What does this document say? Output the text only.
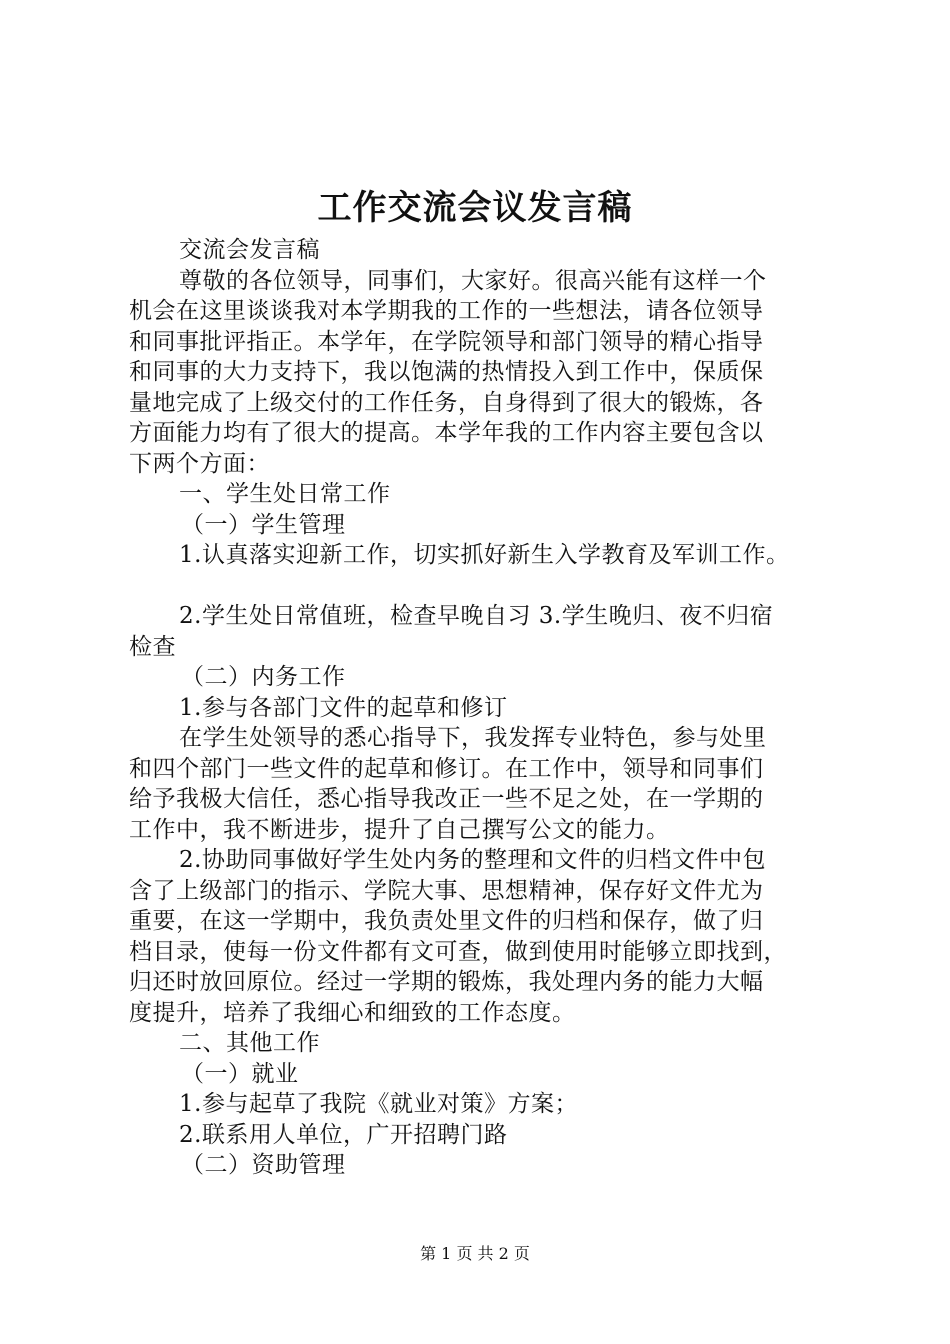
工作交流会议发言稿
交流会发言稿
尊敬的各位领导，同事们，大家好。很高兴能有这样一个
机会在这里谈谈我对本学期我的工作的一些想法，请各位领导
和同事批评指正。本学年，在学院领导和部门领导的精心指导
和同事的大力支持下，我以饱满的热情投入到工作中，保质保
量地完成了上级交付的工作任务，自身得到了很大的锻炼，各
方面能力均有了很大的提高。本学年我的工作内容主要包含以
下两个方面：
一、学生处日常工作
（一）学生管理
1.认真落实迎新工作，切实抓好新生入学教育及军训工作。
2.学生处日常值班，检查早晚自习 3.学生晚归、夜不归宿
检查
（二）内务工作
1.参与各部门文件的起草和修订
在学生处领导的悉心指导下，我发挥专业特色，参与处里
和四个部门一些文件的起草和修订。在工作中，领导和同事们
给予我极大信任，悉心指导我改正一些不足之处，在一学期的
工作中，我不断进步，提升了自己撰写公文的能力。
2.协助同事做好学生处内务的整理和文件的归档文件中包
含了上级部门的指示、学院大事、思想精神，保存好文件尤为
重要，在这一学期中，我负责处里文件的归档和保存，做了归
档目录，使每一份文件都有文可查，做到使用时能够立即找到，
归还时放回原位。经过一学期的锻炼，我处理内务的能力大幅
度提升，培养了我细心和细致的工作态度。
二、其他工作
（一）就业
1.参与起草了我院《就业对策》方案；
2.联系用人单位，广开招聘门路
（二）资助管理
第 1 页 共 2 页
